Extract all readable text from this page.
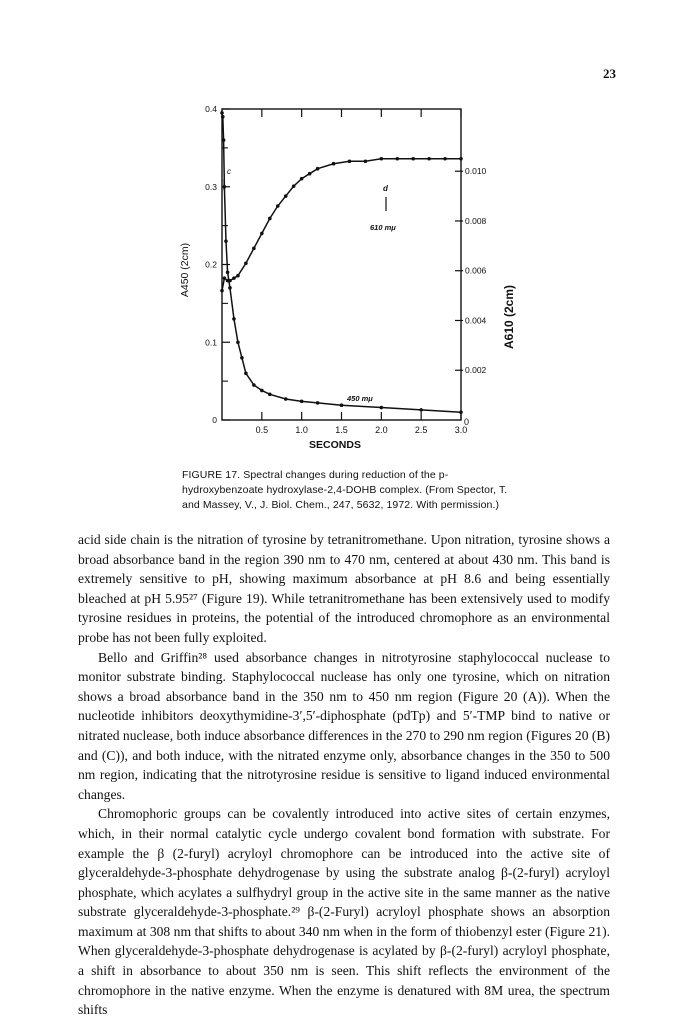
23
0.5	1.0	1.5	2.0	2.5	3.0
0
0.1
0.2
0.3
0.4
0
0.002
0.004
0.006
0.008
0.010
A450 (2cm)
A610 (2cm)
SECONDS
c
d
610 mμ
450 mμ
FIGURE 17. Spectral changes during reduction of the p-hydroxybenzoate hydroxylase-2,4-DOHB complex. (From Spector, T. and Massey, V., J. Biol. Chem., 247, 5632, 1972. With permission.)

acid side chain is the nitration of tyrosine by tetranitromethane. Upon nitration, tyrosine shows a broad absorbance band in the region 390 nm to 470 nm, centered at about 430 nm. This band is extremely sensitive to pH, showing maximum absorbance at pH 8.6 and being essentially bleached at pH 5.95²⁷ (Figure 19). While tetranitromethane has been extensively used to modify tyrosine residues in proteins, the potential of the introduced chromophore as an environmental probe has not been fully exploited.

Bello and Griffin²⁸ used absorbance changes in nitrotyrosine staphylococcal nuclease to monitor substrate binding. Staphylococcal nuclease has only one tyrosine, which on nitration shows a broad absorbance band in the 350 nm to 450 nm region (Figure 20 (A)). When the nucleotide inhibitors deoxythymidine-3′,5′-diphosphate (pdTp) and 5′-TMP bind to native or nitrated nuclease, both induce absorbance differences in the 270 to 290 nm region (Figures 20 (B) and (C)), and both induce, with the nitrated enzyme only, absorbance changes in the 350 to 500 nm region, indicating that the nitrotyrosine residue is sensitive to ligand induced environmental changes.

Chromophoric groups can be covalently introduced into active sites of certain enzymes, which, in their normal catalytic cycle undergo covalent bond formation with substrate. For example the β (2-furyl) acryloyl chromophore can be introduced into the active site of glyceraldehyde-3-phosphate dehydrogenase by using the substrate analog β-(2-furyl) acryloyl phosphate, which acylates a sulfhydryl group in the active site in the same manner as the native substrate glyceraldehyde-3-phosphate.²⁹ β-(2-Furyl) acryloyl phosphate shows an absorption maximum at 308 nm that shifts to about 340 nm when in the form of thiobenzyl ester (Figure 21). When glyceraldehyde-3-phosphate dehydrogenase is acylated by β-(2-furyl) acryloyl phosphate, a shift in absorbance to about 350 nm is seen. This shift reflects the environment of the chromophore in the native enzyme. When the enzyme is denatured with 8M urea, the spectrum shifts
